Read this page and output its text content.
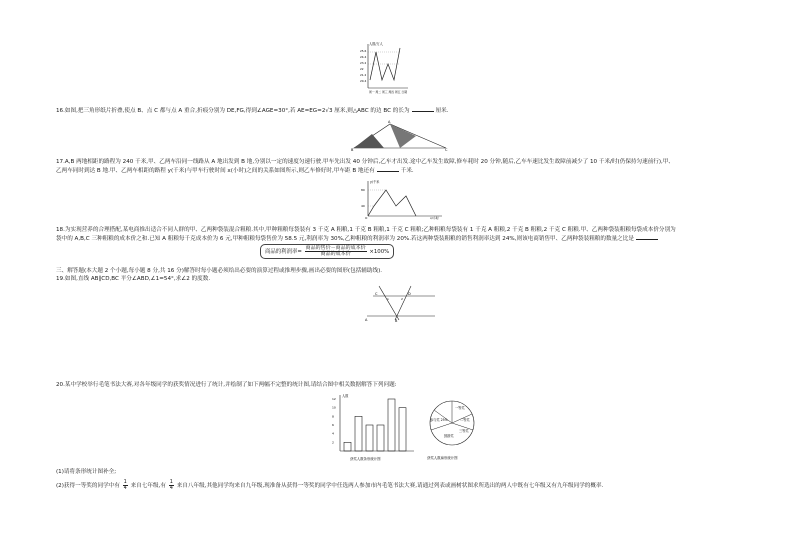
人数/万人
25.6
24.4
23.2
22
21.2
20.4
周一 周二 周三 周四 周五 日期
16.如图,把三角形纸片折叠,使点 B、点 C 都与点 A 重合,折痕分别为 DE,FG,得到∠AGE=30°,若 AE=EG=2√3 厘米,则△ABC 的边 BC 的长为	厘米.
B
A
C
17.A,B 两地相距的路程为 240 千米,甲、乙两车沿同一线路从 A 地出发到 B 地,分别以一定的速度匀速行驶.甲车先出发 40 分钟后,乙车才出发.途中乙车发生故障,修车耗时 20 分钟,随后,乙车车速比发生故障前减少了 10 千米/时(仍保持匀速前行),甲、
乙两车同时到达 B 地.甲、乙两车相距的路程 y(千米)与甲车行驶时间 x(小时)之间的关系如图所示,则乙车修好时,甲车距 B 地还有	千米.
y/千米
80
40
O	x/小时
18.为实现营养的合理搭配,某电商推出适合不同人群的甲、乙两种袋装混合粗粮.其中,甲种粗粮每袋装有 3 千克 A 粗粮,1 千克 B 粗粮,1 千克 C 粗粮;乙种粗粮每袋装有 1 千克 A 粗粮,2 千克 B 粗粮,2 千克 C 粗粮.甲、乙两种袋装粗粮每袋成本价分别为
袋中的 A,B,C 三种粗粮的成本价之和.已知 A 粗粮每千克成本价为 6 元,甲种粗粮每袋售价为 58.5 元,利润率为 30%,乙种粗粮的利润率为 20%.若这两种袋装粗粮的销售利润率达到 24%,则该电商销售甲、乙两种袋装粗粮的数量之比是
商品的利润率= $\frac{\text{商品的售价－商品的成本价}}{\text{商品的成本价}} \times 100\%$
三、解答题(本大题 2 个小题,每小题 8 分,共 16 分)解答时每小题必须给出必要的演算过程或推理步骤,画出必要的图形(包括辅助线).
19.如图,直线 AB∥CD,BC 平分∠ABD,∠1=54°,求∠2 的度数.
C	D
A	B
1	2
20.某中学校举行毛笔书法大赛,对各年级同学的获奖情况进行了统计,并绘制了如下两幅不完整的统计图,请结合图中相关数据解答下列问题:
人数
12
10
8
6
4
2
获奖人数条形统计图
一等奖
二等奖
三等奖
参与奖 25%
鼓励奖
获奖人数扇形统计图
(1)请将条形统计图补全;
(2)获得一等奖的同学中有 $\frac{1}{4}$ 来自七年级,有 $\frac{1}{4}$ 来自八年级,其他同学均来自九年级,现准备从获得一等奖的同学中任选两人参加市内毛笔书法大赛,请通过列表或画树状图求所选出的两人中既有七年级又有九年级同学的概率.
